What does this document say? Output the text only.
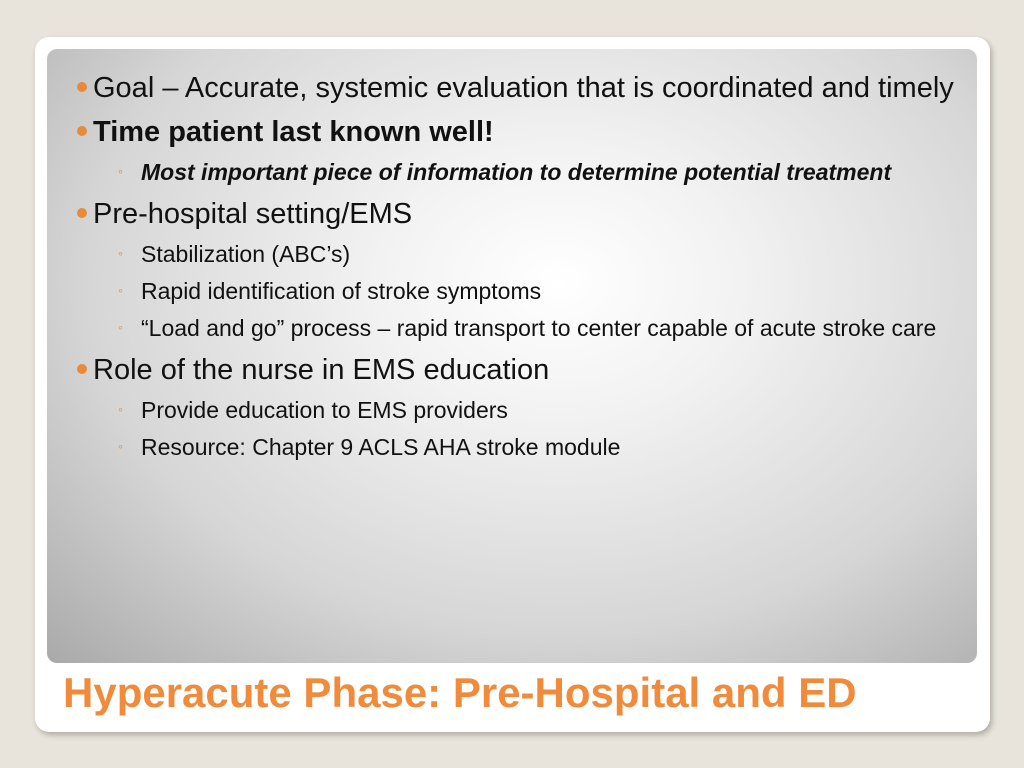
Goal – Accurate, systemic evaluation that is coordinated and timely
Time patient last known well!
◦ Most important piece of information to determine potential treatment
Pre-hospital setting/EMS
◦ Stabilization (ABC’s)
◦ Rapid identification of stroke symptoms
◦ “Load and go” process – rapid transport to center capable of acute stroke care
Role of the nurse in EMS education
◦ Provide education to EMS providers
◦ Resource: Chapter 9 ACLS AHA stroke module
Hyperacute Phase: Pre-Hospital and ED
